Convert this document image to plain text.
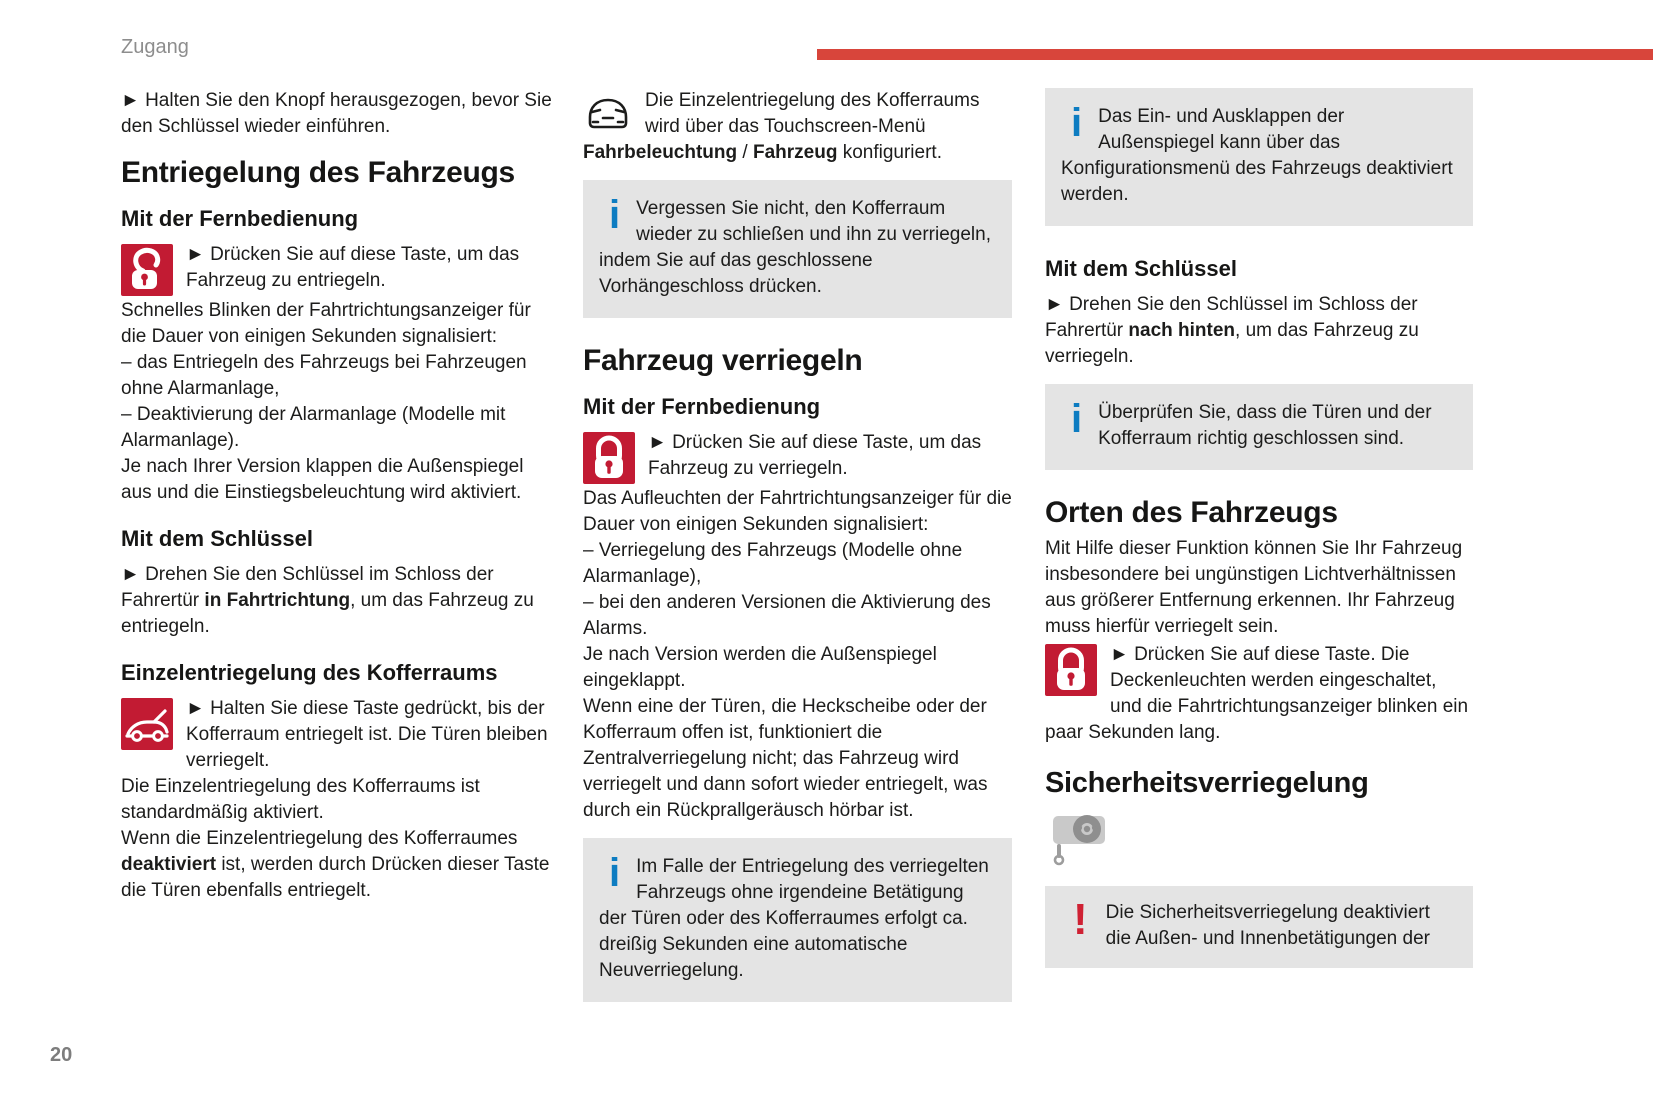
Zugang

► Halten Sie den Knopf herausgezogen, bevor Sie den Schlüssel wieder einführen.

Entriegelung des Fahrzeugs
Mit der Fernbedienung

► Drücken Sie auf diese Taste, um das Fahrzeug zu entriegeln.

Schnelles Blinken der Fahrtrichtungsanzeiger für die Dauer von einigen Sekunden signalisiert:

– das Entriegeln des Fahrzeugs bei Fahrzeugen ohne Alarmanlage,

– Deaktivierung der Alarmanlage (Modelle mit Alarmanlage).

Je nach Ihrer Version klappen die Außenspiegel aus und die Einstiegsbeleuchtung wird aktiviert.

Mit dem Schlüssel

► Drehen Sie den Schlüssel im Schloss der Fahrertür in Fahrtrichtung, um das Fahrzeug zu entriegeln.

Einzelentriegelung des Kofferraums

► Halten Sie diese Taste gedrückt, bis der Kofferraum entriegelt ist. Die Türen bleiben verriegelt.

Die Einzelentriegelung des Kofferraums ist standardmäßig aktiviert.

Wenn die Einzelentriegelung des Kofferraumes deaktiviert ist, werden durch Drücken dieser Taste die Türen ebenfalls entriegelt.

Die Einzelentriegelung des Kofferraums wird über das Touchscreen-Menü Fahrbeleuchtung / Fahrzeug konfiguriert.

i Vergessen Sie nicht, den Kofferraum wieder zu schließen und ihn zu verriegeln, indem Sie auf das geschlossene Vorhängeschloss drücken.
Fahrzeug verriegeln
Mit der Fernbedienung

► Drücken Sie auf diese Taste, um das Fahrzeug zu verriegeln.

Das Aufleuchten der Fahrtrichtungsanzeiger für die Dauer von einigen Sekunden signalisiert:

– Verriegelung des Fahrzeugs (Modelle ohne Alarmanlage),

– bei den anderen Versionen die Aktivierung des Alarms.

Je nach Version werden die Außenspiegel eingeklappt.

Wenn eine der Türen, die Heckscheibe oder der Kofferraum offen ist, funktioniert die Zentralverriegelung nicht; das Fahrzeug wird verriegelt und dann sofort wieder entriegelt, was durch ein Rückprallgeräusch hörbar ist.

i Im Falle der Entriegelung des verriegelten Fahrzeugs ohne irgendeine Betätigung der Türen oder des Kofferraumes erfolgt ca. dreißig Sekunden eine automatische Neuverriegelung.
i Das Ein- und Ausklappen der Außenspiegel kann über das Konfigurationsmenü des Fahrzeugs deaktiviert werden.
Mit dem Schlüssel

► Drehen Sie den Schlüssel im Schloss der Fahrertür nach hinten, um das Fahrzeug zu verriegeln.

i Überprüfen Sie, dass die Türen und der Kofferraum richtig geschlossen sind.
Orten des Fahrzeugs

Mit Hilfe dieser Funktion können Sie Ihr Fahrzeug insbesondere bei ungünstigen Lichtverhältnissen aus größerer Entfernung erkennen. Ihr Fahrzeug muss hierfür verriegelt sein.

► Drücken Sie auf diese Taste. Die Deckenleuchten werden eingeschaltet, und die Fahrtrichtungsanzeiger blinken ein paar Sekunden lang.

Sicherheitsverriegelung
! Die Sicherheitsverriegelung deaktiviert die Außen- und Innenbetätigungen der
20
